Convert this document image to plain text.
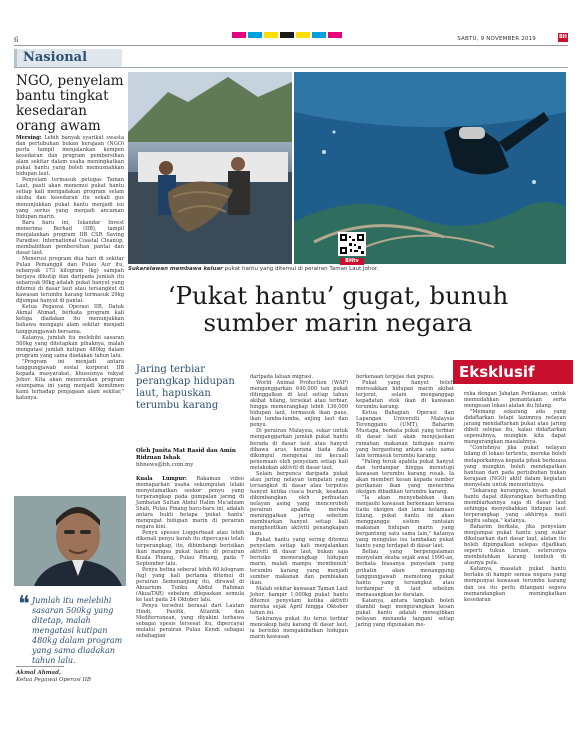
6	SABTU, 9 NOVEMBER 2019	BH
Nasional
NGO, penyelam bantu tingkat kesedaran orang awam

Mersing: Lebih banyak syarikat swasta dan pertubuhan bukan kerajaan (NGO) perlu tampil menjalankan kempen kesedaran dan program pembersihan alam sekitar dalam usaha meningkatkan pukat hantu yang boleh memusnahkan hidupan laut.

Penyelam termasuk petugas Taman Laut, pasti akan menemui pukat hantu setiap kali mengadakan program selam skuba dan kesedaran itu sekali gus menunjukkan pukat hantu menjadi isu yang serius yang menjadi ancaman hidupan marin.

Baru baru ini, Iskandar Invest menerima Berhad (IIB), tampil menjalankan program IIB CSR Saving Paradise: International Coastal Cleanup, membabitkan pembersihan pantai dan dasar laut.

Menerusi program dua hari di sekitar Pulau Pemanggil dan Pulau Aur itu, sebanyak 173 kilogram (kg) sampah berjaya dikutip dan daripada jumlah itu sebanyak 90kg adalah pukat hanyut yang ditemui di dasar laut atau tersangkut di kawasan terumbu karang termasuk 29kg dijumpai hanyut di pantai.

Ketua Pegawai Operasi IIB, Datuk Akmal Ahmad, berkata program kali ketiga diadakan itu menunjukkan bahawa mengagu alam sekitar menjadi tanggungjawab bersama.

Katanya, jumlah itu melebihi sasaran 500kg yang ditetapkan pihaknya, malah mengatasi jumlah kutipan 480kg dalam program yang sama diadakan tahun lalu.

"Program ini menjadi antara tanggungjawab sosial korporat IIB kepada masyarakat, khususnya rakyat Johor. Kita akan meneruskan program seumpama ini yang menjadi komitmen kami terhadap penjagaan alam sekitar," katanya.

❝ Jumlah itu melebihi sasaran 500kg yang ditetap, malah mengatasi kutipan 480kg dalam program yang sama diadakan tahun lalu.
Akmal Ahmad,
Ketua Pegawai Operasi IIB
BHtv
Sukarelawan membawa keluar pukat hantu yang ditemui di perairan Taman Laut Johor.
‘Pukat hantu’ gugat, bunuh sumber marin negara
Eksklusif
Jaring terbiar perangkap hidupan laut, hapuskan terumbu karang
Oleh Junita Mat Rasid dan Amin Ridzuan Ishak
bhnews@bh.com.my

Kuala Lumpur: Rakaman video memaparkan usaha sekumpulan lelaki menyelamatkan seekor penyu yang terperangkap pada gumpalan jaring di Jambatan Sultan Abdul Halim Mu'adzam Shah, Pulau Pinang baru-baru ini, adalah antara bukti betapa 'pukat hantu' mengugat hidupan marin di perairan negara kini.

Penyu spesies Loggerhead atau lebih dikenali penyu karah itu dipercayai telah terperangkap, itu, dibimbangi berisikan ikan mangsa pukat hantu di perairan Kuala Pinang, Pulau Pinang, pada 7 September lalu.

Penyu betina seberat lebih 60 kilogram (kg) yang kali pertama ditemui di perairan Semenanjung itu, dirawat di Akuarium Tunku Abdul Rahman (AkuaTAR) sebelum dilepaskan semula ke laut pada 24 Oktober lalu.

Penyu tersebut berasal dari Lautan Hindi, Pasifik, Atlantik dan Mediterranean, yang diyakini terbawa sebagai spesis tersesat itu, dipercayai melalui perairan Pulau Kendi sebagai sebahagian

daripada laluan migrasi.

World Animal Protection (WAP) menganggarkan 640,000 tan pukat ditinggalkan di laut setiap tahun akibat hilang, tersekat atau terbiar, hingga memerangkap lebih 136,000 hidupan laut, termasuk ikan paus, ikan lumba-lumba, anjing laut dan penyu.

Di perairan Malaysia, sukar untuk menganggarkan jumlah pukat hantu berada di dasar laut atau hanyut dibawa arus, kerana tiada data dikumpul mengenai ini kecuali penemuan oleh penyelam setiap kali melakukan aktiviti di dasar laut.

Selain berpunca daripada pukat atau jaring nelayan tempatan yang tersangkut di dasar atau terputus hanyut ketika cuaca buruk, keadaan dibimbangkan oleh perbuatan nelayan asing yang menceroboh perairan apabila mereka meninggalkan jaring sebelum membiarkan hanyut setiap kali menghentikan aktiviti penangkapan ikan.

Pukat hantu yang sering ditemui penyelam setiap kali menjalankan aktiviti di dasar laut, bukan saja berisiko memerangkap hidupan marin, malah mampu 'membunuh' terumbu karang yang menjadi sumber makanan dan pembiakan ikan.

Malah sekitar kawasan Taman Laut Johor, hampir 1,000kg pukat hantu ditemui penyelam ketika aktiviti mereka sejak April hingga Oktober tahun ini.

Sekiranya pukat itu terus terbiar mencakup batu karang di dasar laut, ia berisiko mengakibatkan hidupan marin kawasan

berkenaan terjejas dan pupus.

Pukat yang hanyut boleh merosakkan hidupan marin akibat terjerut, selain menganggap kepadatan stok ikan di kawasan terumbu karang.

Ketua Bahagian Operasi dan Lapangan Universiti Malaysia Terengganu (UMT), Baharim Mustapa, berkata pukat yang terbiar di dasar laut akan menjejaskan rumahan makanan hidupan marin yang bergantung antara satu sama lain termasuk terumbu karang.

"Paling teruk apabila pukat hanyut dan terdampar hingga menutupi kawasan terumbu karang rosak. Ia akan memberi kesan kepada sumber perikanan ikan yang menerima oksigen dibadikan terumbu karang.

"Ia akan menyebabkan ikan menjauhi kawasan berkenaan kerana tiada oksigen dan lama kelamaan hilang, pukat hantu ini akan mengganggu sistem rantaian makanan hidupan marin yang bergantung satu sama lain," katanya yang mengulas isu lambakan pukat hantu yang terdapat di dasar laut.

Beliau yang berpengalaman menyelam skuba sejak awal 1990-an, berkata biasanya penyelam yang prihatin akan menanggung tanggungjawab memotong pukat hantu yang tersangkut atau terdampar di laut sebelum memasangkan ke daratan.

Katanya, antara langkah boleh diambil bagi mengurangkan kesan pukat hantu adalah mewajibkan nelayan menanda tangani setiap jaring yang digunakan me-

reka dengan Jabatan Perikanan, untuk memudahkan pemantauan serta mengesan lokasi alatan itu hilang.

"Memang sekarang ada yang didaftarkan tetapi lazimnya nelayan jarang mendaftarkan pukat atau jaring dibeli selepas itu, kalau didaftarkan sepenuhnya, mungkin kita dapat mengurangkan masalahnya.

"Contohnya jika pukat nelayan hilang di lokasi tertentu, mereka boleh melaporkannya kepada pihak berkuasa yang mungkin boleh mendapatkan bantuan dari pada pertubuhan bukan kerajaan (NGO) aktif dalam kegiatan menyelam untuk menuntutnya.

"Sekarang kurangnya, kesan pukat hantu dapat dikurangkan berbanding membiarkannya saja di dasar laut sehingga menyebabkan hidupan laut terperangkap yang akhirnya mati begitu sahaja," katanya.

Baharim berkata, jika penyelam menjumpai pukat hantu yang sukar dikeluarkan dari dasar laut, alatan itu boleh dipimpalkan selepas dijadikan seperti tukun tiruan, seterusnya membolehkan karang tumbuh di atasnya pula.

Katanya, masalah pukat hantu berlaku di hampir semua negara yang mempunyai kawasan terumbu karang dan isu itu perlu ditangani segera memandangkan meningkatkan kesedaran
